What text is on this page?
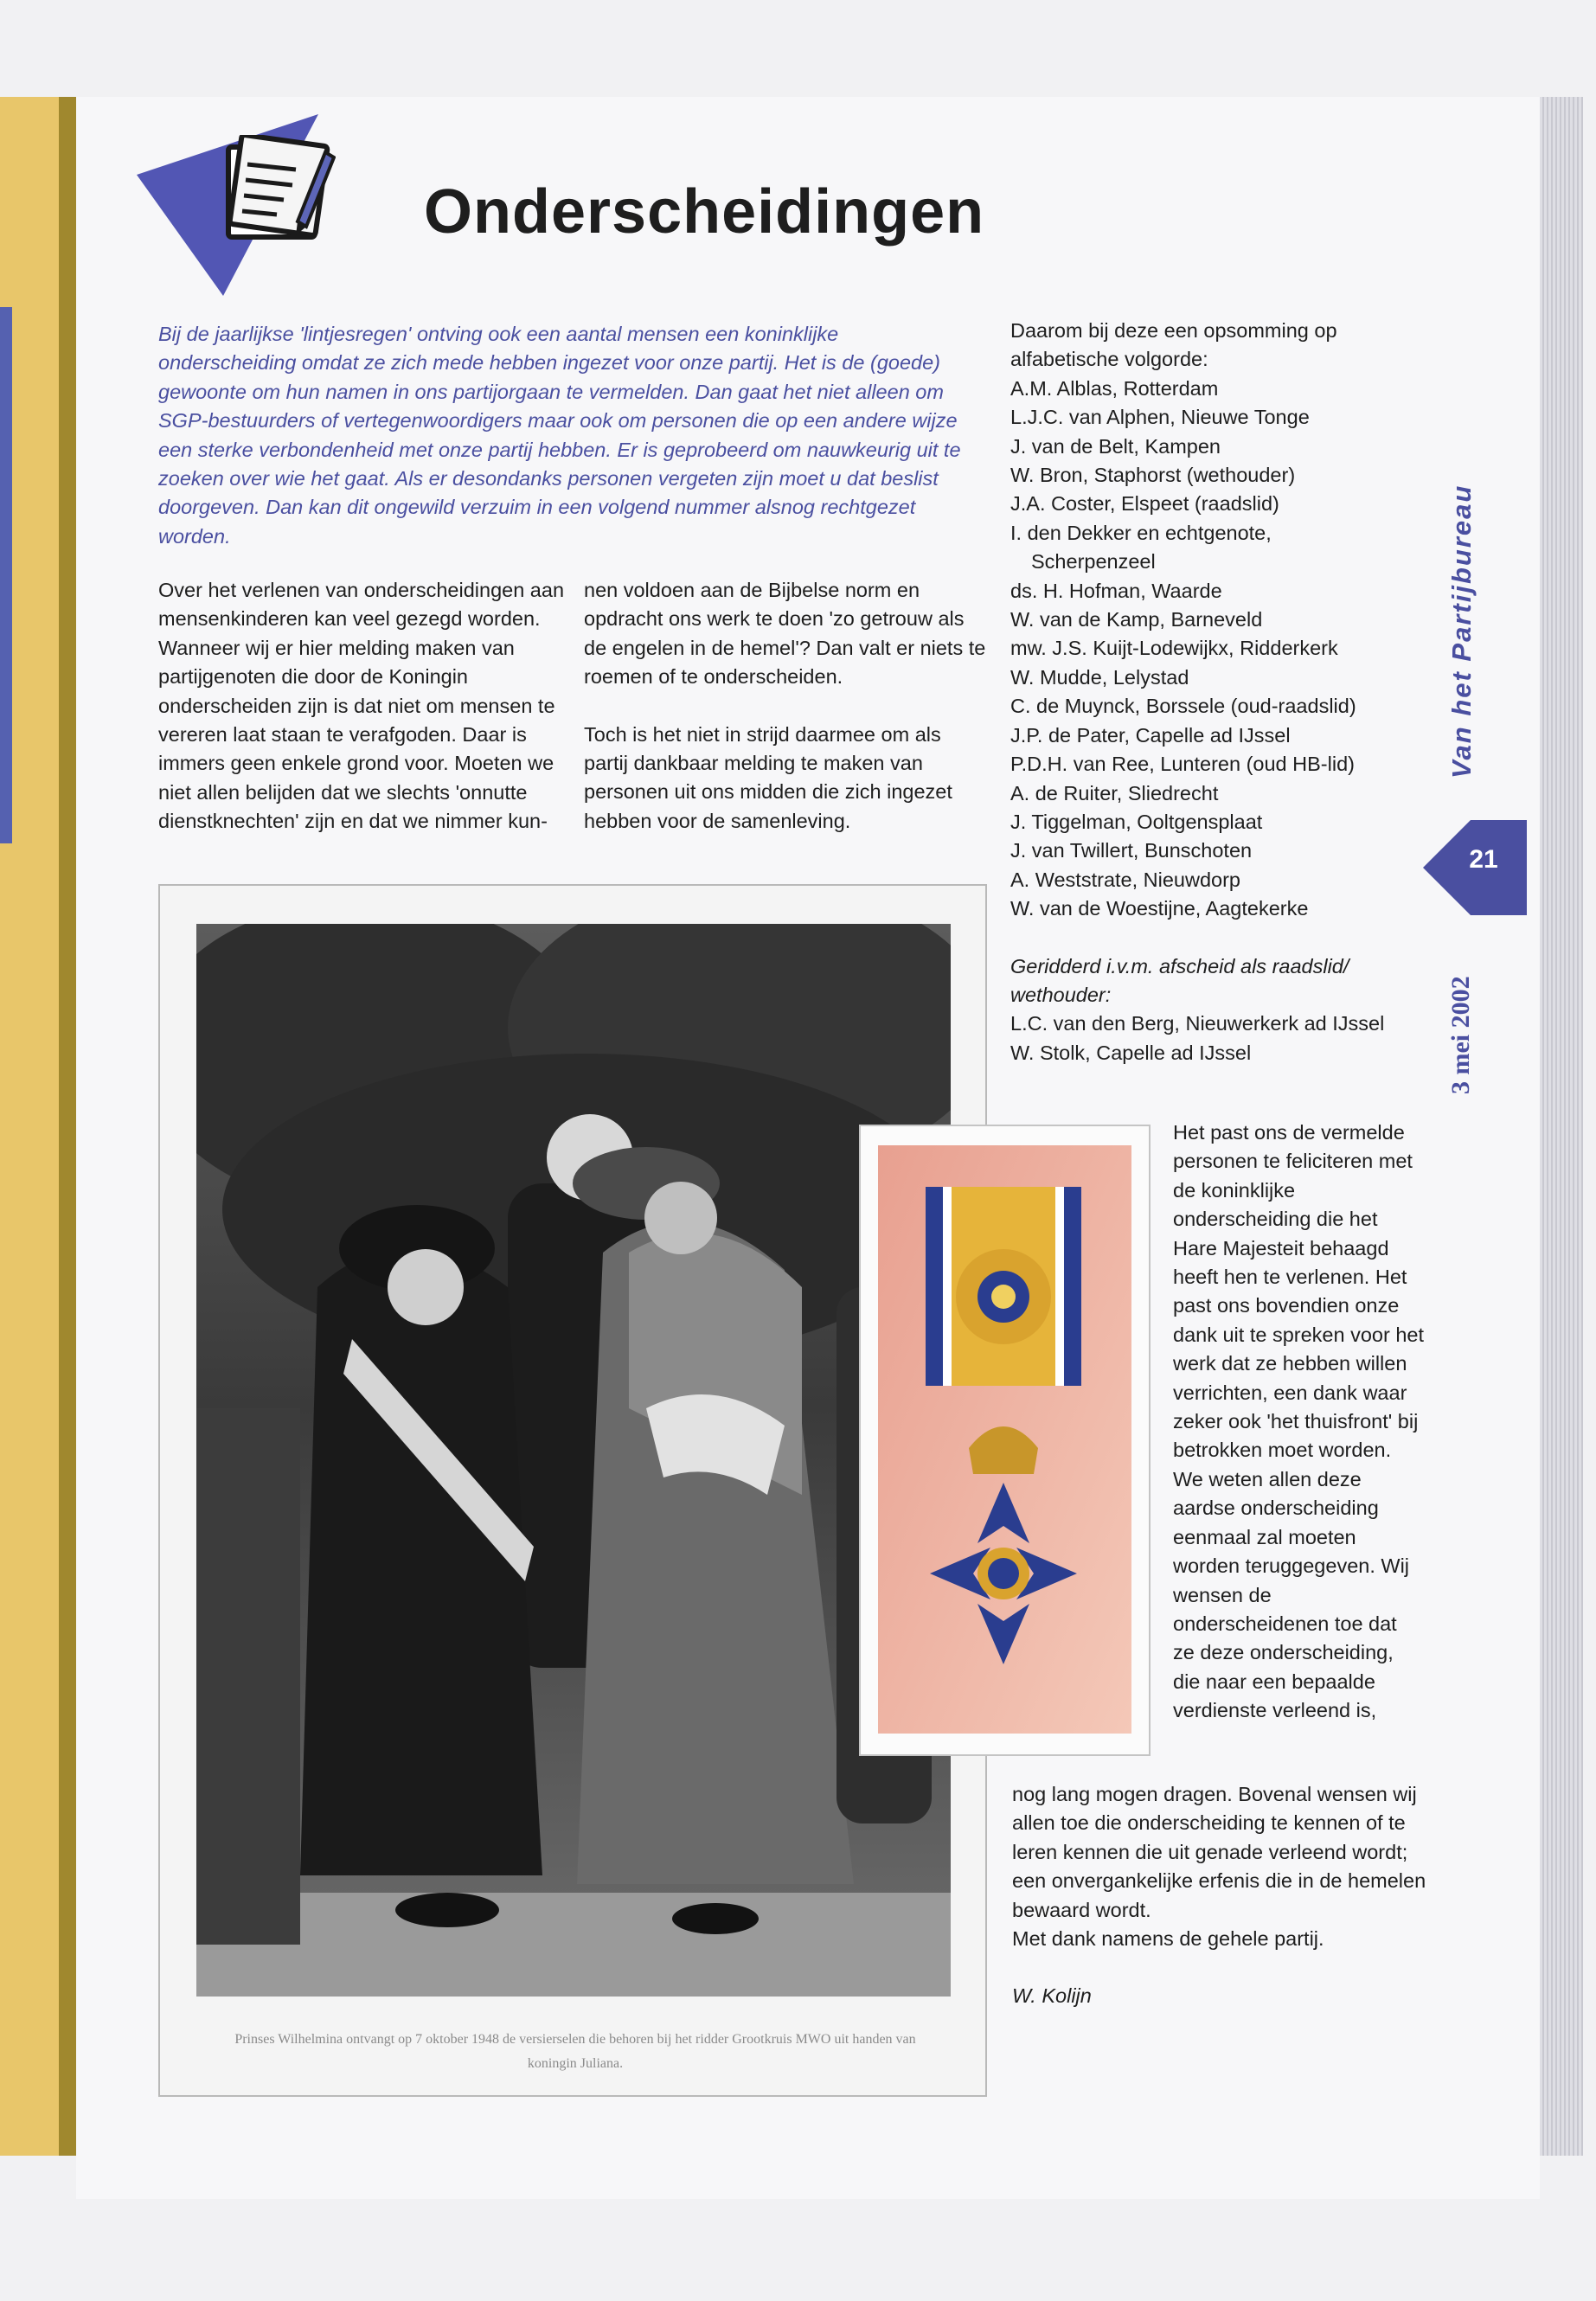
Onderscheidingen
Bij de jaarlijkse 'lintjesregen' ontving ook een aantal mensen een koninklijke onderscheiding omdat ze zich mede hebben ingezet voor onze partij. Het is de (goede) gewoonte om hun namen in ons partijorgaan te vermelden. Dan gaat het niet alleen om SGP-bestuurders of vertegenwoordigers maar ook om personen die op een andere wijze een sterke verbondenheid met onze partij hebben. Er is geprobeerd om nauwkeurig uit te zoeken over wie het gaat. Als er desondanks personen vergeten zijn moet u dat beslist doorgeven. Dan kan dit ongewild verzuim in een volgend nummer alsnog rechtgezet worden.

Over het verlenen van onderscheidingen aan mensenkinderen kan veel gezegd worden. Wanneer wij er hier melding maken van partijgenoten die door de Koningin onderscheiden zijn is dat niet om mensen te vereren laat staan te verafgoden. Daar is immers geen enkele grond voor. Moeten we niet allen belijden dat we slechts 'onnutte dienstknechten' zijn en dat we nimmer kun-

nen voldoen aan de Bijbelse norm en opdracht ons werk te doen 'zo getrouw als de engelen in de hemel'? Dan valt er niets te roemen of te onderscheiden.

Toch is het niet in strijd daarmee om als partij dankbaar melding te maken van personen uit ons midden die zich ingezet hebben voor de samenleving.

Daarom bij deze een opsomming op alfabetische volgorde:
A.M. Alblas, Rotterdam
L.J.C. van Alphen, Nieuwe Tonge
J. van de Belt, Kampen
W. Bron, Staphorst (wethouder)
J.A. Coster, Elspeet (raadslid)
I. den Dekker en echtgenote,
Scherpenzeel
ds. H. Hofman, Waarde
W. van de Kamp, Barneveld
mw. J.S. Kuijt-Lodewijkx, Ridderkerk
W. Mudde, Lelystad
C. de Muynck, Borssele (oud-raadslid)
J.P. de Pater, Capelle ad IJssel
P.D.H. van Ree, Lunteren (oud HB-lid)
A. de Ruiter, Sliedrecht
J. Tiggelman, Ooltgensplaat
J. van Twillert, Bunschoten
A. Weststrate, Nieuwdorp
W. van de Woestijne, Aagtekerke
Geridderd i.v.m. afscheid als raadslid/ wethouder:
L.C. van den Berg, Nieuwerkerk ad IJssel
W. Stolk, Capelle ad IJssel
Prinses Wilhelmina ontvangt op 7 oktober 1948 de versierselen die behoren bij het ridder Grootkruis MWO uit handen van koningin Juliana.
Het past ons de vermelde personen te feliciteren met de koninklijke onderscheiding die het Hare Majesteit behaagd heeft hen te verlenen. Het past ons bovendien onze dank uit te spreken voor het werk dat ze hebben willen verrichten, een dank waar zeker ook 'het thuisfront' bij betrokken moet worden. We weten allen deze aardse onderscheiding eenmaal zal moeten worden teruggegeven. Wij wensen de onderscheidenen toe dat ze deze onderscheiding, die naar een bepaalde verdienste verleend is,
nog lang mogen dragen. Bovenal wensen wij allen toe die onderscheiding te kennen of te leren kennen die uit genade verleend wordt; een onvergankelijke erfenis die in de hemelen bewaard wordt.
Met dank namens de gehele partij.
W. Kolijn
Van het Partijbureau
21
3 mei 2002
